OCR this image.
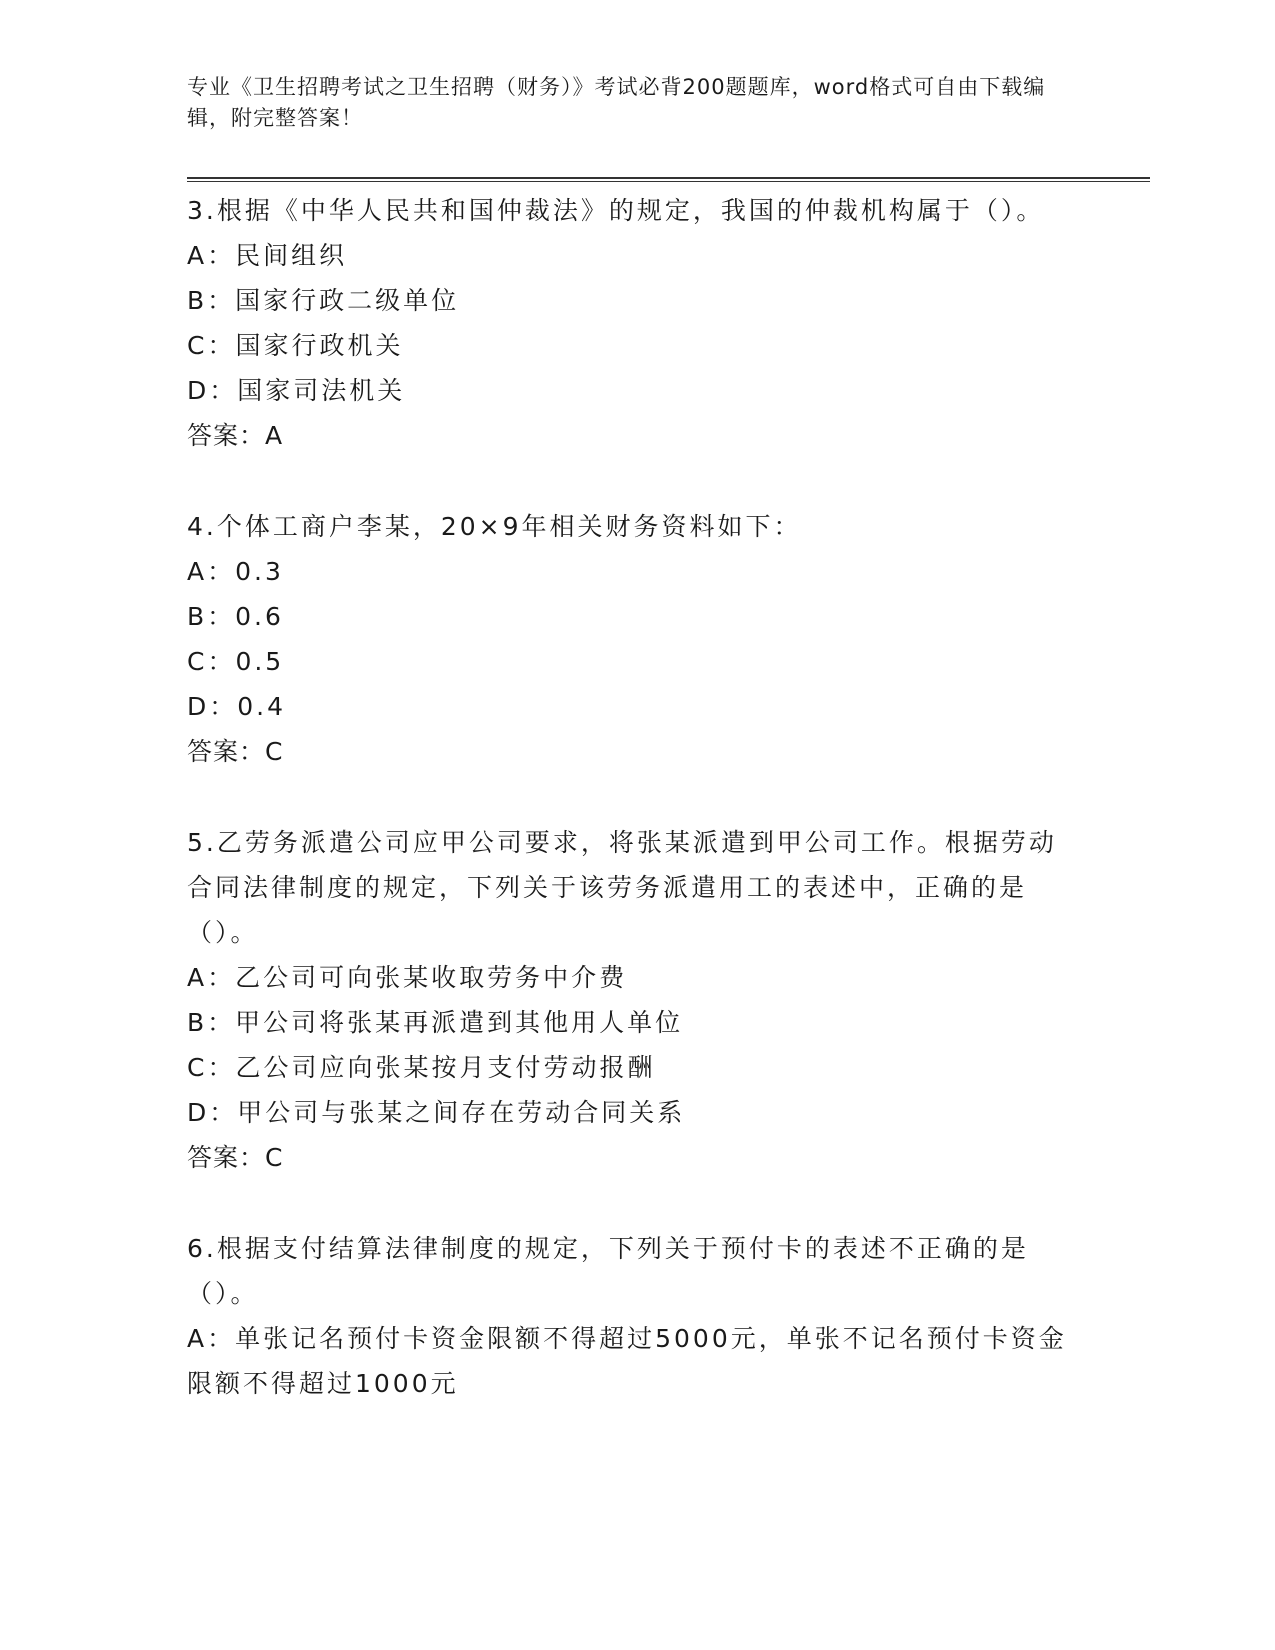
专业《卫生招聘考试之卫生招聘（财务）》考试必背200题题库，word格式可自由下载编辑，附完整答案！
3.根据《中华人民共和国仲裁法》的规定，我国的仲裁机构属于（）。
A：民间组织
B：国家行政二级单位
C：国家行政机关
D：国家司法机关
答案：A
4.个体工商户李某，20×9年相关财务资料如下：
A：0.3
B：0.6
C：0.5
D：0.4
答案：C
5.乙劳务派遣公司应甲公司要求，将张某派遣到甲公司工作。根据劳动合同法律制度的规定，下列关于该劳务派遣用工的表述中，正确的是（）。
A：乙公司可向张某收取劳务中介费
B：甲公司将张某再派遣到其他用人单位
C：乙公司应向张某按月支付劳动报酬
D：甲公司与张某之间存在劳动合同关系
答案：C
6.根据支付结算法律制度的规定，下列关于预付卡的表述不正确的是（）。
A：单张记名预付卡资金限额不得超过5000元，单张不记名预付卡资金限额不得超过1000元
